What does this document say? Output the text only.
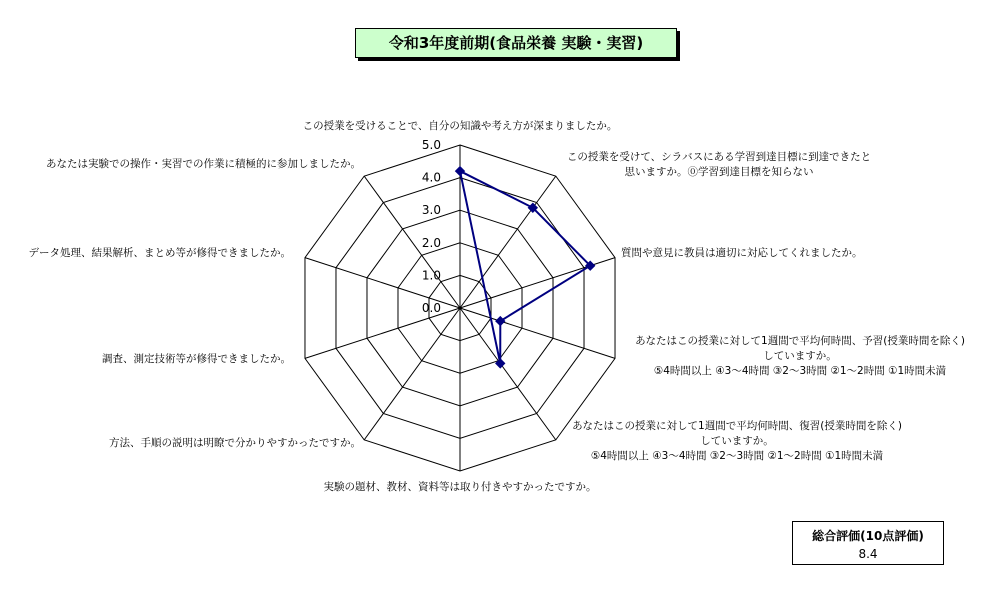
令和3年度前期(食品栄養 実験・実習)
0.0
1.0
2.0
3.0
4.0
5.0
この授業を受けることで、自分の知識や考え方が深まりましたか。
この授業を受けて、シラバスにある学習到達目標に到達できたと思いますか。⓪学習到達目標を知らない
質問や意見に教員は適切に対応してくれましたか。
あなたはこの授業に対して1週間で平均何時間、予習(授業時間を除く)していますか。 ⑤4時間以上 ④3～4時間 ③2～3時間 ②1～2時間 ①1時間未満
あなたはこの授業に対して1週間で平均何時間、復習(授業時間を除く)していますか。 ⑤4時間以上 ④3～4時間 ③2～3時間 ②1～2時間 ①1時間未満
実験の題材、教材、資料等は取り付きやすかったですか。
方法、手順の説明は明瞭で分かりやすかったですか。
調査、測定技術等が修得できましたか。
データ処理、結果解析、まとめ等が修得できましたか。
あなたは実験での操作・実習での作業に積極的に参加しましたか。
総合評価(10点評価)
8.4
